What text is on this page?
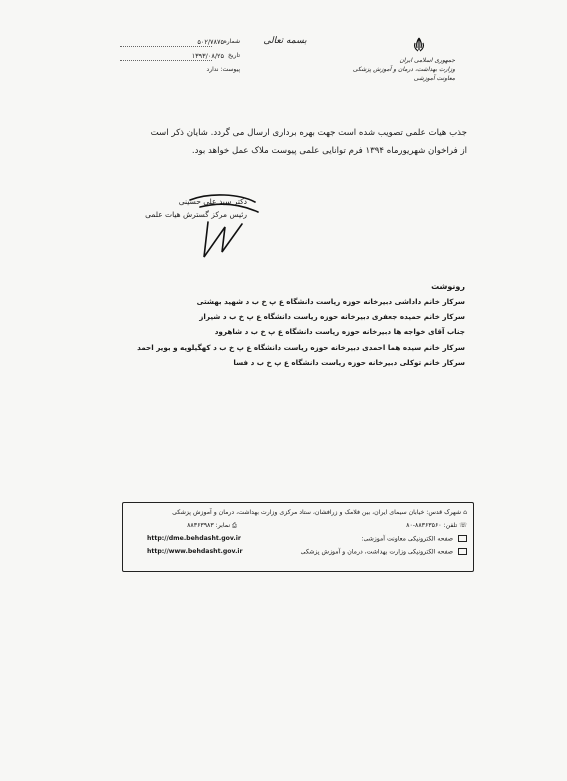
شماره
۵۰۲/۷۸۷۵
تاریخ
۱۳۹۳/۰۸/۲۵
پیوست: ندارد
بسمه تعالی
جمهوری اسلامی ایران
وزارت بهداشت، درمان و آموزش پزشکی
معاونت آموزشی
جذب هیات علمی تصویب شده است جهت بهره برداری ارسال می گردد. شایان ذکر است
از فراخوان شهریورماه ۱۳۹۴ فرم توانایی علمی پیوست ملاک عمل خواهد بود.
دکتر سید علی حسینی
رئیس مرکز گسترش هیات علمی
رونوشت
سرکار خانم داداشی دبیرخانه حوزه ریاست دانشگاه ع پ خ ب د شهید بهشتی
سرکار خانم حمیده جعفری دبیرخانه حوزه ریاست دانشگاه ع پ خ ب د شیراز
جناب آقای خواجه ها دبیرخانه حوزه ریاست دانشگاه ع پ خ ب د شاهرود
سرکار خانم سیده هما احمدی دبیرخانه حوزه ریاست دانشگاه ع پ خ ب د کهگیلویه و بویر احمد
سرکار خانم توکلی دبیرخانه حوزه ریاست دانشگاه ع پ خ ب د فسا
⌂ شهرک قدس: خیابان سیمای ایران، بین فلامک و زرافشان، ستاد مرکزی وزارت بهداشت، درمان و آموزش پزشکی
☏ تلفن: ۸۸۳۶۳۵۶۰-۸۰
⎙ نمابر: ۸۸۳۶۳۹۸۳
صفحه الکترونیکی معاونت آموزشی:
http://dme.behdasht.gov.ir
صفحه الکترونیکی وزارت بهداشت، درمان و آموزش پزشکی
http://www.behdasht.gov.ir
